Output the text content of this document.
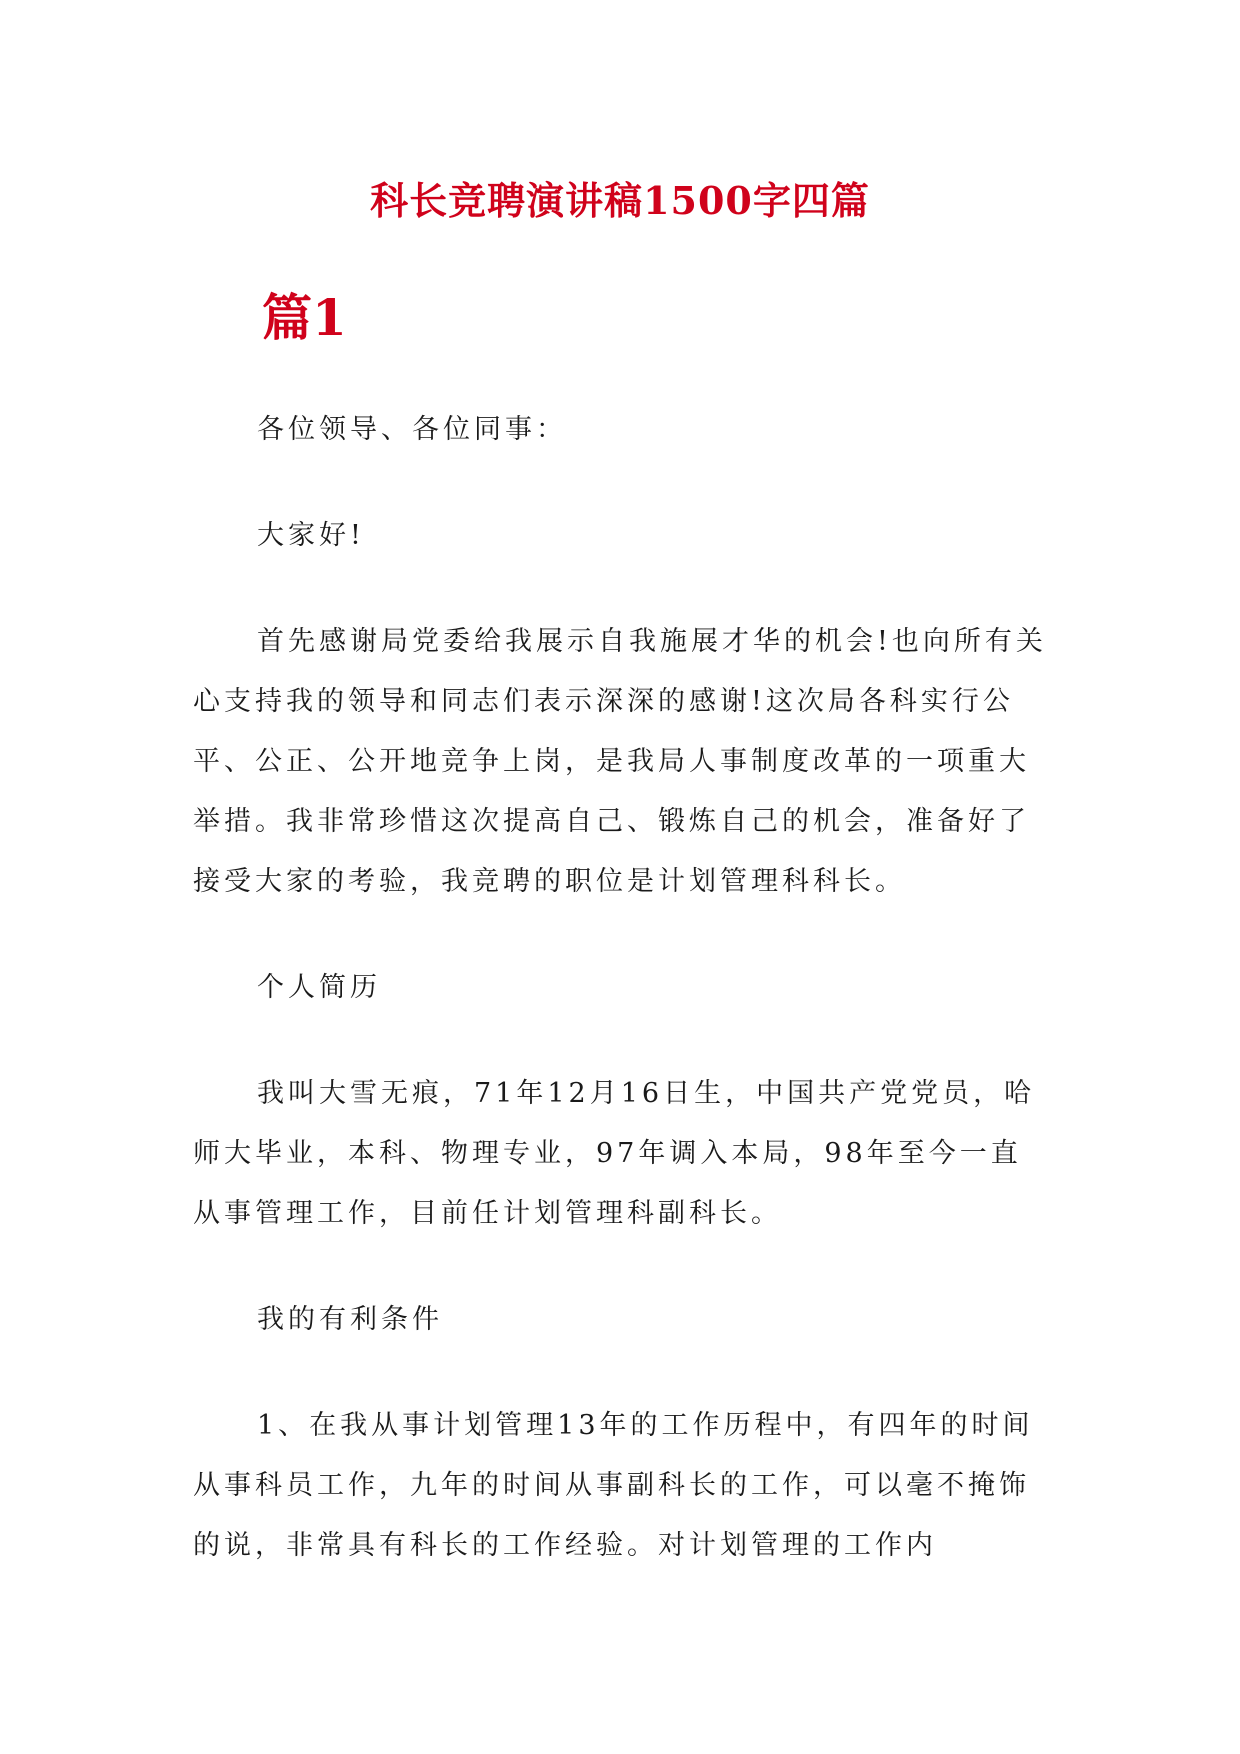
科长竞聘演讲稿1500字四篇
篇1

各位领导、各位同事：

大家好!

首先感谢局党委给我展示自我施展才华的机会!也向所有关心支持我的领导和同志们表示深深的感谢!这次局各科实行公平、公正、公开地竞争上岗，是我局人事制度改革的一项重大举措。我非常珍惜这次提高自己、锻炼自己的机会，准备好了接受大家的考验，我竞聘的职位是计划管理科科长。

个人简历

我叫大雪无痕，71年12月16日生，中国共产党党员，哈 师大毕业，本科、物理专业，97年调入本局，98年至今一直

从事管理工作，目前任计划管理科副科长。

我的有利条件

1、在我从事计划管理13年的工作历程中，有四年的时间 从事科员工作，九年的时间从事副科长的工作，可以毫不掩饰 的说，非常具有科长的工作经验。对计划管理的工作内
